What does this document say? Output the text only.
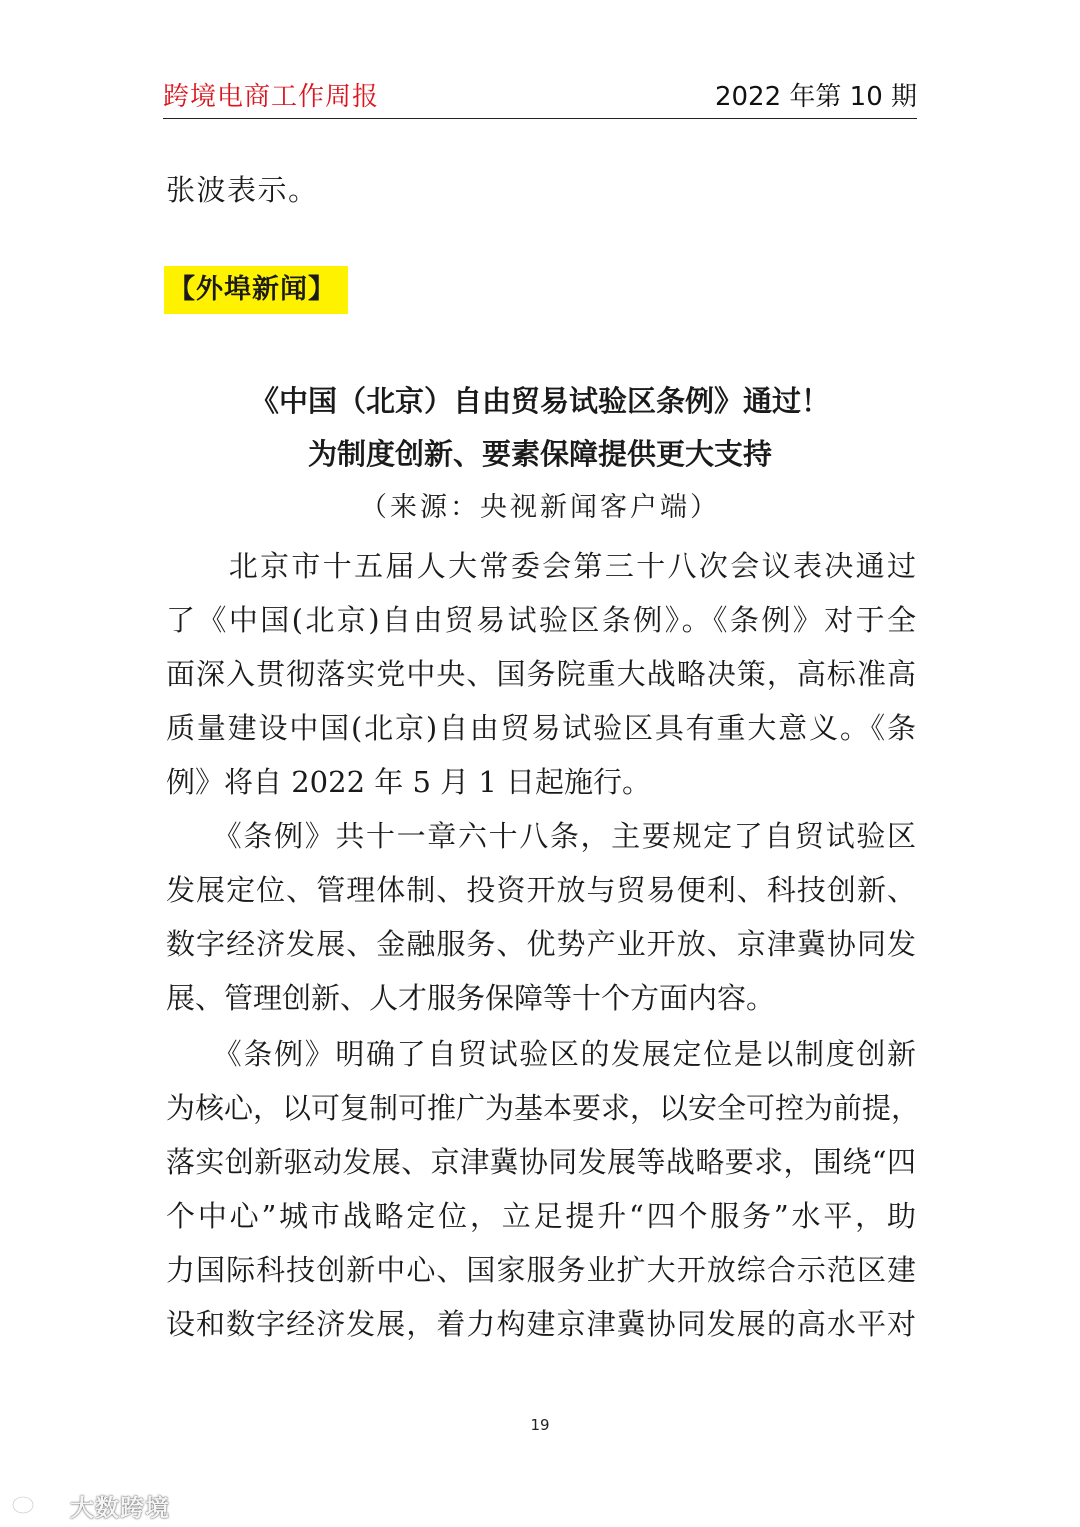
跨境电商工作周报	2022 年第 10 期
张波表示。
【外埠新闻】
《中国（北京）自由贸易试验区条例》通过！
为制度创新、要素保障提供更大支持
（来源：央视新闻客户端）
　　北京市十五届人大常委会第三十八次会议表决通过
了《中国(北京)自由贸易试验区条例》。《条例》对于全
面深入贯彻落实党中央、国务院重大战略决策，高标准高
质量建设中国(北京)自由贸易试验区具有重大意义。《条
例》将自 2022 年 5 月 1 日起施行。
　　《条例》共十一章六十八条，主要规定了自贸试验区
发展定位、管理体制、投资开放与贸易便利、科技创新、
数字经济发展、金融服务、优势产业开放、京津冀协同发
展、管理创新、人才服务保障等十个方面内容。
　　《条例》明确了自贸试验区的发展定位是以制度创新
为核心，以可复制可推广为基本要求，以安全可控为前提，
落实创新驱动发展、京津冀协同发展等战略要求，围绕“四
个中心”城市战略定位，立足提升“四个服务”水平，助
力国际科技创新中心、国家服务业扩大开放综合示范区建
设和数字经济发展，着力构建京津冀协同发展的高水平对
19
大数跨境
